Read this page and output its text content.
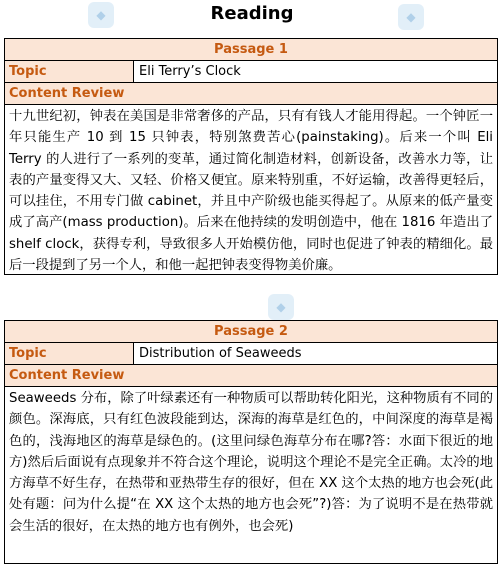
Reading
◆	◆
◆
Passage 1
Topic	Eli Terry’s Clock
Content Review
十九世纪初，钟表在美国是非常奢侈的产品，只有有钱人才能用得起。一个钟匠一年只能生产 10 到 15 只钟表，特别煞费苦心(painstaking)。后来一个叫 Eli Terry 的人进行了一系列的变革，通过简化制造材料，创新设备，改善水力等，让表的产量变得又大、又轻、价格又便宜。原来特别重，不好运输，改善得更轻后，可以挂住，不用专门做 cabinet，并且中产阶级也能买得起了。从原来的低产量变成了高产(mass production)。后来在他持续的发明创造中，他在 1816 年造出了 shelf clock，获得专利，导致很多人开始模仿他，同时也促进了钟表的精细化。最后一段提到了另一个人，和他一起把钟表变得物美价廉。
Passage 2
Topic	Distribution of Seaweeds
Content Review
Seaweeds 分布，除了叶绿素还有一种物质可以帮助转化阳光，这种物质有不同的颜色。深海底，只有红色波段能到达，深海的海草是红色的，中间深度的海草是褐色的，浅海地区的海草是绿色的。(这里问绿色海草分布在哪?答：水面下很近的地方)然后后面说有点现象并不符合这个理论，说明这个理论不是完全正确。太冷的地方海草不好生存，在热带和亚热带生存的很好，但在 XX 这个太热的地方也会死(此处有题：问为什么提“在 XX 这个太热的地方也会死”?)答：为了说明不是在热带就会生活的很好，在太热的地方也有例外，也会死)
